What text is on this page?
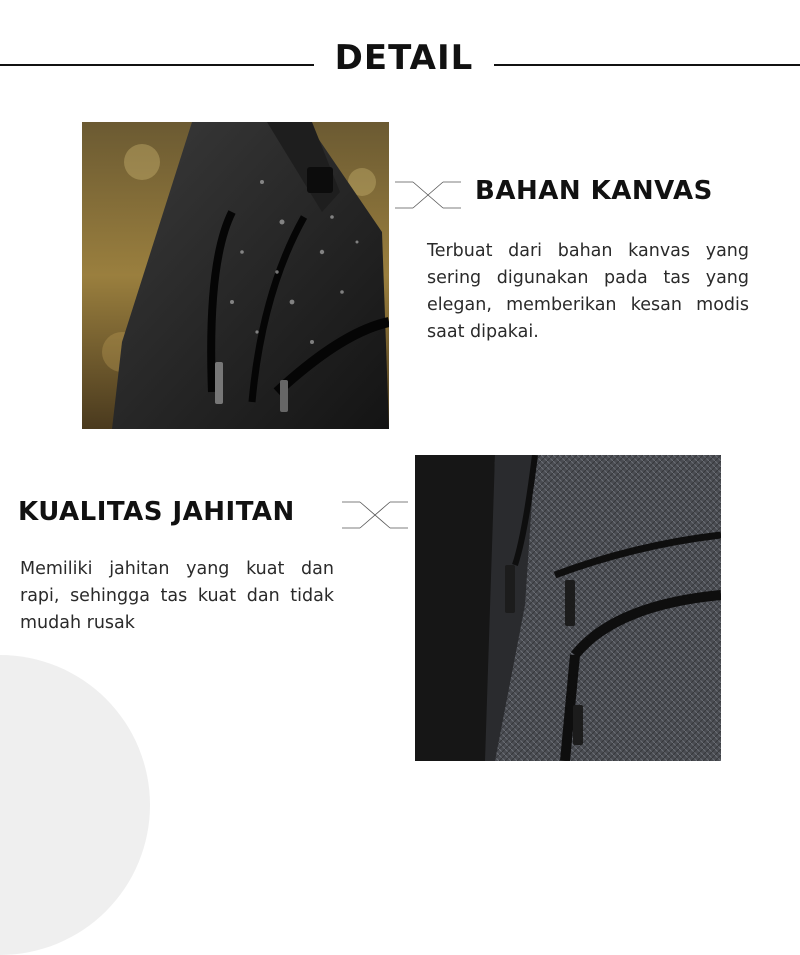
DETAIL
BAHAN KANVAS
Terbuat dari bahan kanvas yang sering digunakan pada tas yang elegan, memberikan kesan modis saat dipakai.
KUALITAS JAHITAN
Memiliki jahitan yang kuat dan rapi, sehingga tas kuat dan tidak mudah rusak
